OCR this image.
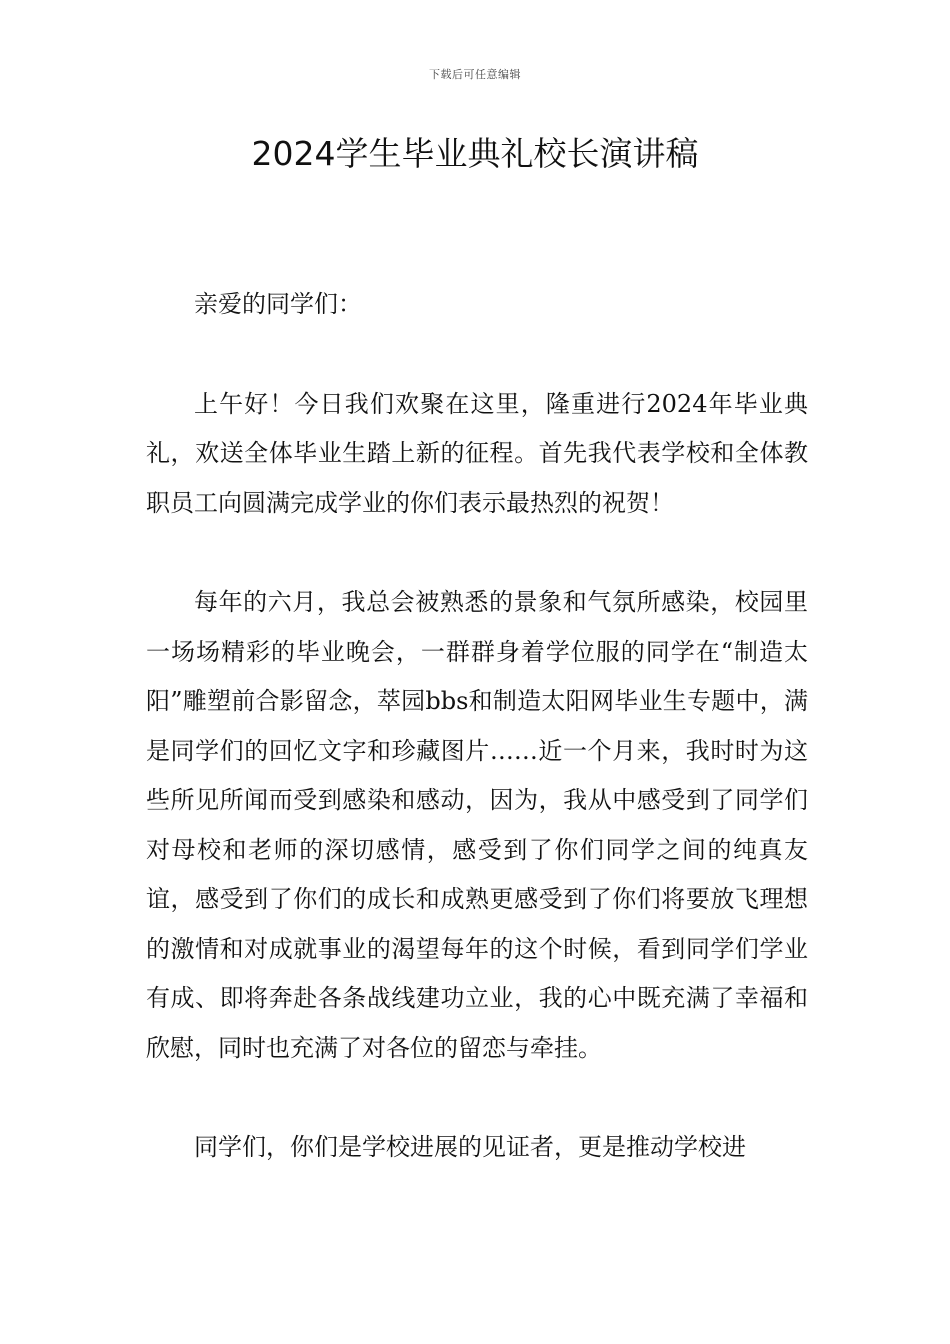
下载后可任意编辑
2024学生毕业典礼校长演讲稿

亲爱的同学们：

上午好！今日我们欢聚在这里，隆重进行2024年毕业典礼，欢送全体毕业生踏上新的征程。首先我代表学校和全体教职员工向圆满完成学业的你们表示最热烈的祝贺！

每年的六月，我总会被熟悉的景象和气氛所感染，校园里一场场精彩的毕业晚会，一群群身着学位服的同学在“制造太阳”雕塑前合影留念，萃园bbs和制造太阳网毕业生专题中，满是同学们的回忆文字和珍藏图片……近一个月来，我时时为这些所见所闻而受到感染和感动，因为，我从中感受到了同学们对母校和老师的深切感情，感受到了你们同学之间的纯真友谊，感受到了你们的成长和成熟更感受到了你们将要放飞理想的激情和对成就事业的渴望每年的这个时候，看到同学们学业有成、即将奔赴各条战线建功立业，我的心中既充满了幸福和欣慰，同时也充满了对各位的留恋与牵挂。

同学们，你们是学校进展的见证者，更是推动学校进
